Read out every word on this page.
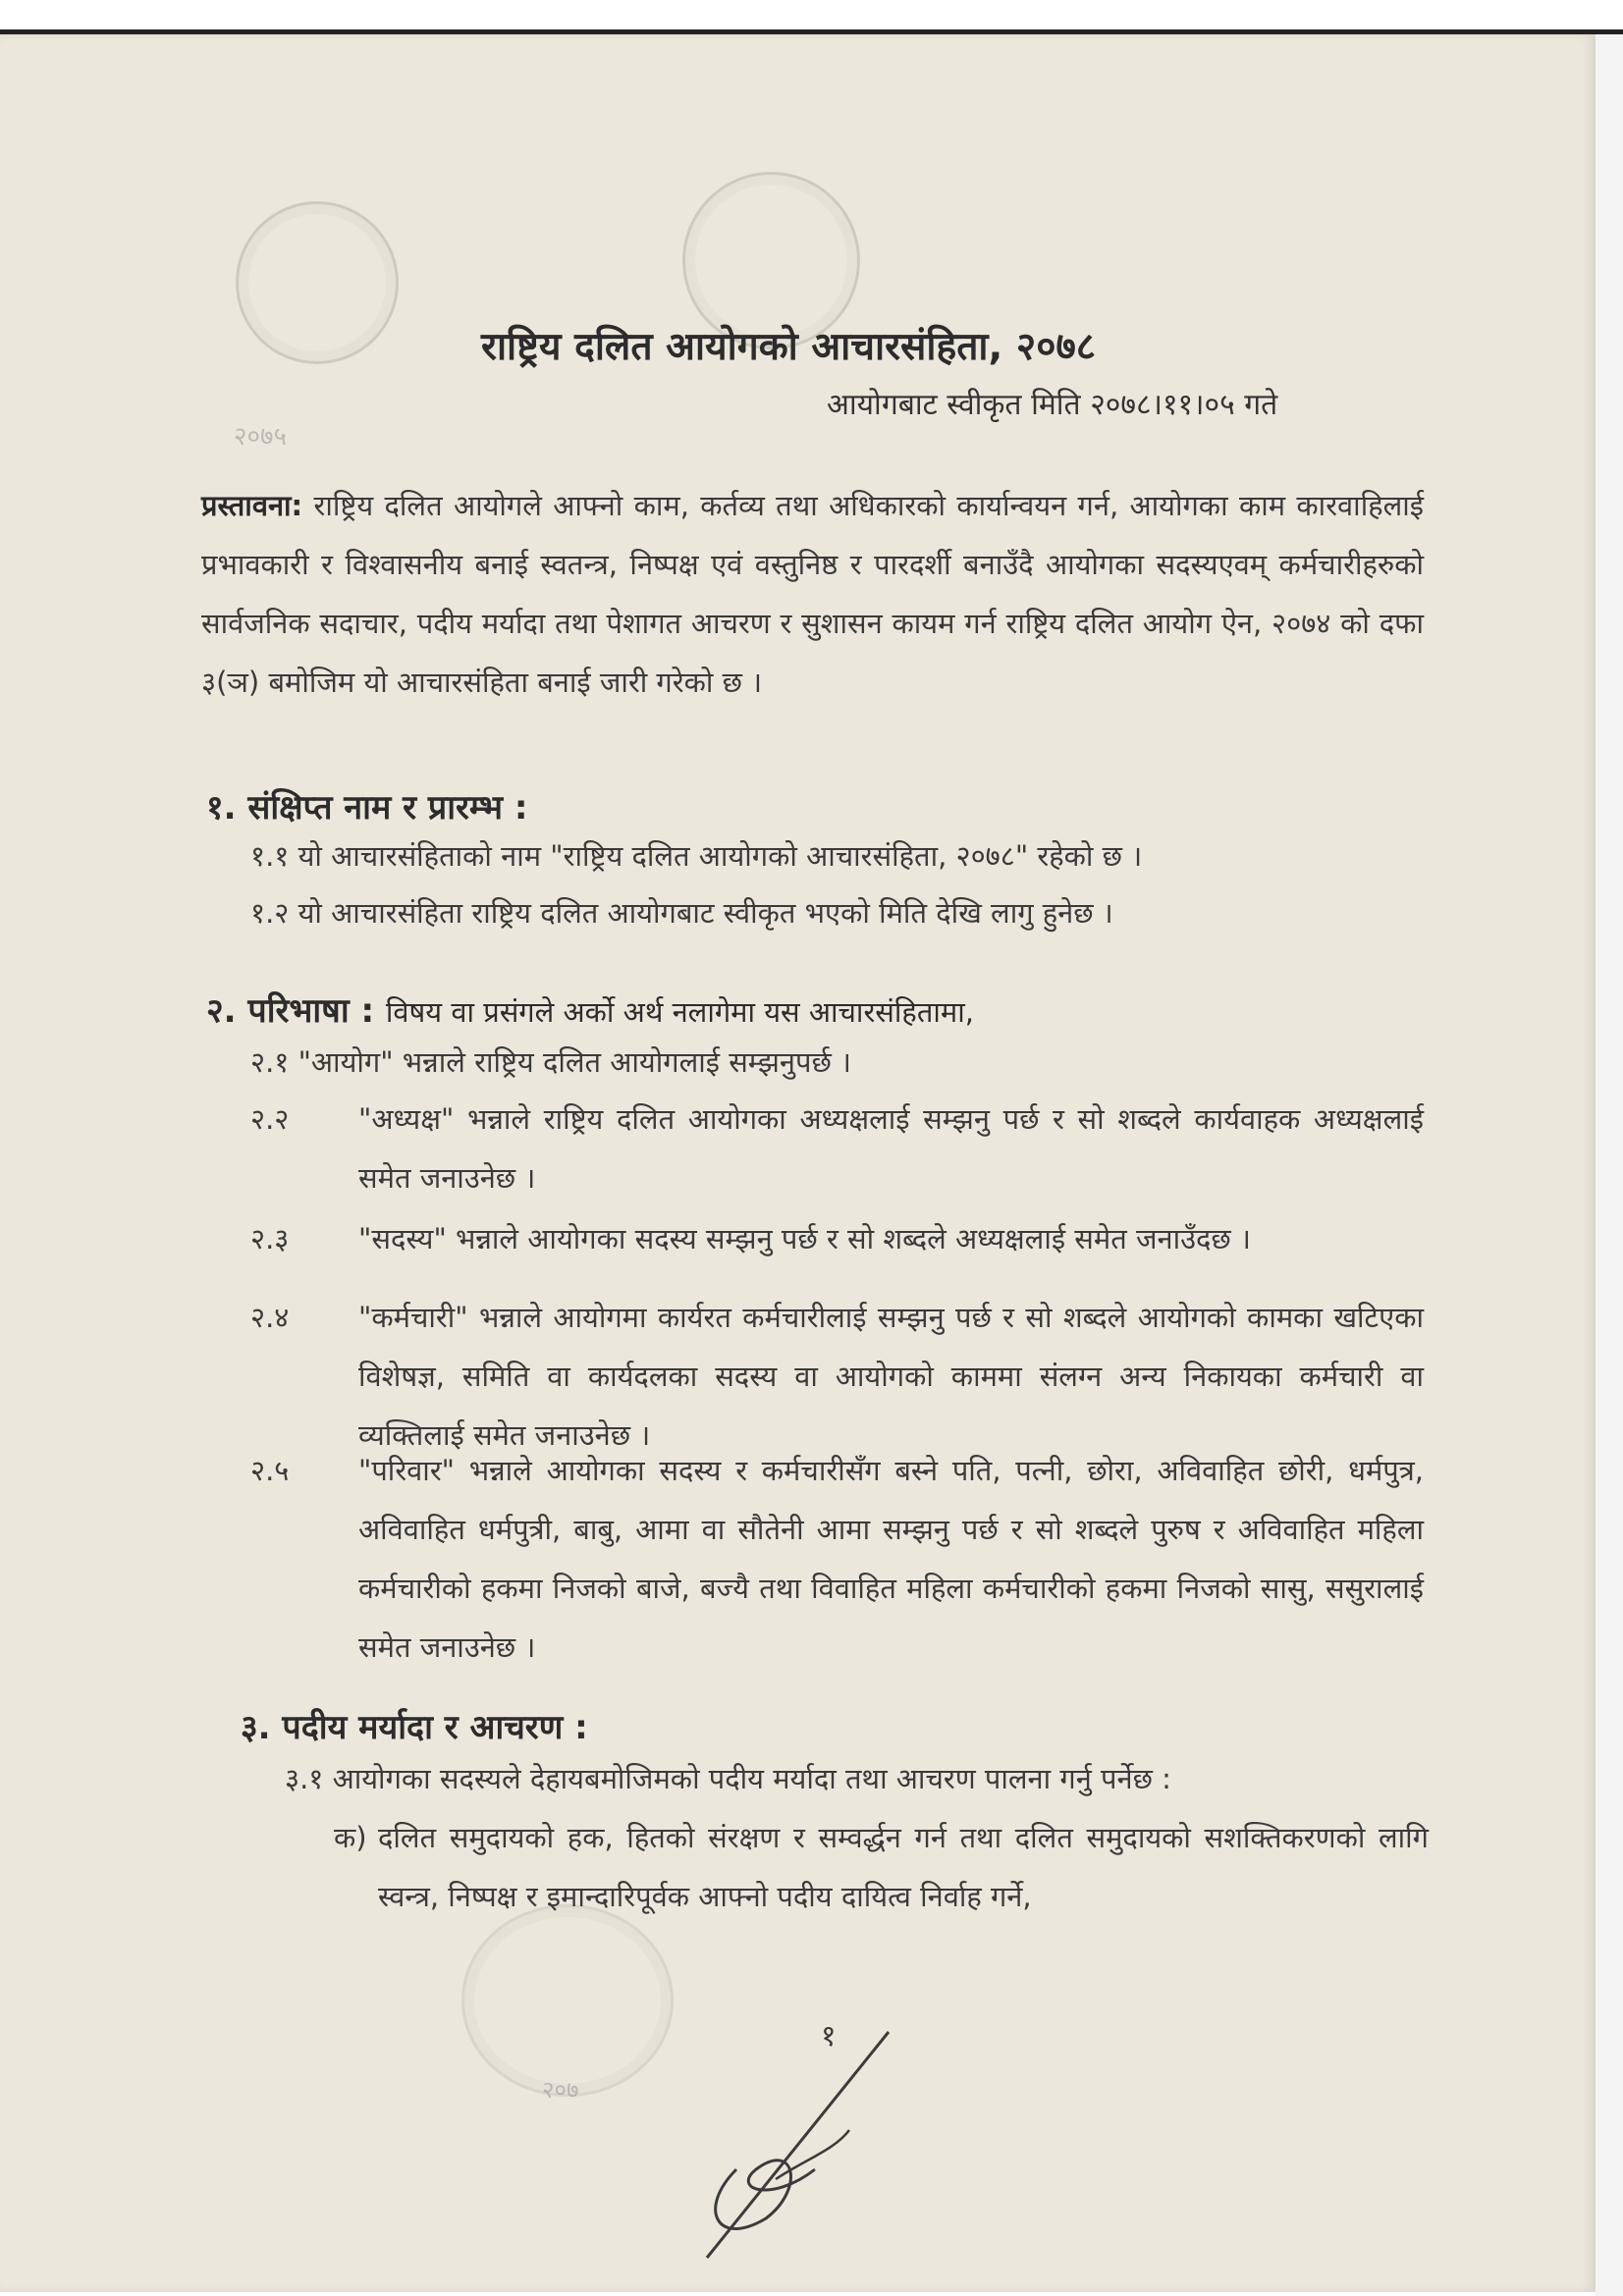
२०७५
२०७
राष्ट्रिय दलित आयोगको आचारसंहिता, २०७८
आयोगबाट स्वीकृत मिति २०७८।११।०५ गते
प्रस्तावना: राष्ट्रिय दलित आयोगले आफ्नो काम, कर्तव्य तथा अधिकारको कार्यान्वयन गर्न, आयोगका काम कारवाहिलाई प्रभावकारी र विश्वासनीय बनाई स्वतन्त्र, निष्पक्ष एवं वस्तुनिष्ठ र पारदर्शी बनाउँदै आयोगका सदस्यएवम् कर्मचारीहरुको सार्वजनिक सदाचार, पदीय मर्यादा तथा पेशागत आचरण र सुशासन कायम गर्न राष्ट्रिय दलित आयोग ऐन, २०७४ को दफा ३(ञ) बमोजिम यो आचारसंहिता बनाई जारी गरेको छ ।
१. संक्षिप्त नाम र प्रारम्भ :
१.१ यो आचारसंहिताको नाम "राष्ट्रिय दलित आयोगको आचारसंहिता, २०७८" रहेको छ ।
१.२ यो आचारसंहिता राष्ट्रिय दलित आयोगबाट स्वीकृत भएको मिति देखि लागु हुनेछ ।
२. परिभाषा : विषय वा प्रसंगले अर्को अर्थ नलागेमा यस आचारसंहितामा,
२.१ "आयोग" भन्नाले राष्ट्रिय दलित आयोगलाई सम्झनुपर्छ ।
२.२ "अध्यक्ष" भन्नाले राष्ट्रिय दलित आयोगका अध्यक्षलाई सम्झनु पर्छ र सो शब्दले कार्यवाहक अध्यक्षलाई समेत जनाउनेछ ।
२.३ "सदस्य" भन्नाले आयोगका सदस्य सम्झनु पर्छ र सो शब्दले अध्यक्षलाई समेत जनाउँदछ ।
२.४ "कर्मचारी" भन्नाले आयोगमा कार्यरत कर्मचारीलाई सम्झनु पर्छ र सो शब्दले आयोगको कामका खटिएका विशेषज्ञ, समिति वा कार्यदलका सदस्य वा आयोगको काममा संलग्न अन्य निकायका कर्मचारी वा व्यक्तिलाई समेत जनाउनेछ ।
२.५ "परिवार" भन्नाले आयोगका सदस्य र कर्मचारीसँग बस्ने पति, पत्नी, छोरा, अविवाहित छोरी, धर्मपुत्र, अविवाहित धर्मपुत्री, बाबु, आमा वा सौतेनी आमा सम्झनु पर्छ र सो शब्दले पुरुष र अविवाहित महिला कर्मचारीको हकमा निजको बाजे, बज्यै तथा विवाहित महिला कर्मचारीको हकमा निजको सासु, ससुरालाई समेत जनाउनेछ ।
३. पदीय मर्यादा र आचरण :
३.१ आयोगका सदस्यले देहायबमोजिमको पदीय मर्यादा तथा आचरण पालना गर्नु पर्नेछ :
क) दलित समुदायको हक, हितको संरक्षण र सम्वर्द्धन गर्न तथा दलित समुदायको सशक्तिकरणको लागि स्वन्त्र, निष्पक्ष र इमान्दारिपूर्वक आफ्नो पदीय दायित्व निर्वाह गर्ने,
१
